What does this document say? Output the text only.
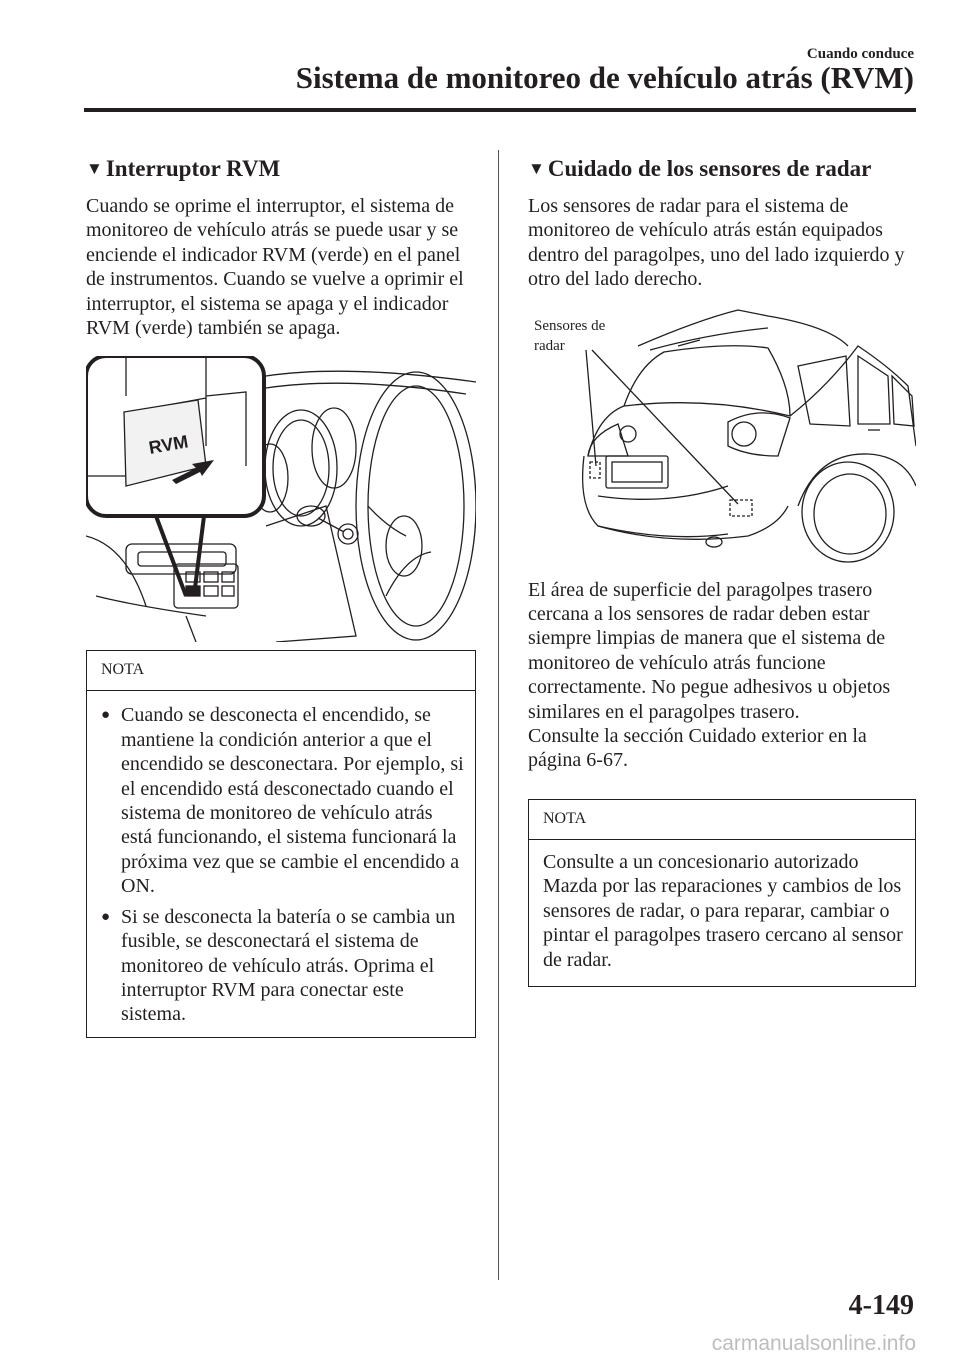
Cuando conduce
Sistema de monitoreo de vehículo atrás (RVM)
▼ Interruptor RVM

Cuando se oprime el interruptor, el sistema de monitoreo de vehículo atrás se puede usar y se enciende el indicador RVM (verde) en el panel de instrumentos. Cuando se vuelve a oprimir el interruptor, el sistema se apaga y el indicador RVM (verde) también se apaga.

RVM
NOTA
● Cuando se desconecta el encendido, se mantiene la condición anterior a que el encendido se desconectara. Por ejemplo, si el encendido está desconectado cuando el sistema de monitoreo de vehículo atrás está funcionando, el sistema funcionará la próxima vez que se cambie el encendido a ON.
● Si se desconecta la batería o se cambia un fusible, se desconectará el sistema de monitoreo de vehículo atrás. Oprima el interruptor RVM para conectar este sistema.
▼ Cuidado de los sensores de radar

Los sensores de radar para el sistema de monitoreo de vehículo atrás están equipados dentro del paragolpes, uno del lado izquierdo y otro del lado derecho.

Sensores de
radar

El área de superficie del paragolpes trasero cercana a los sensores de radar deben estar siempre limpias de manera que el sistema de monitoreo de vehículo atrás funcione correctamente. No pegue adhesivos u objetos similares en el paragolpes trasero.

Consulte la sección Cuidado exterior en la página 6-67.

NOTA
Consulte a un concesionario autorizado Mazda por las reparaciones y cambios de los sensores de radar, o para reparar, cambiar o pintar el paragolpes trasero cercano al sensor de radar.
4-149
carmanualsonline.info
